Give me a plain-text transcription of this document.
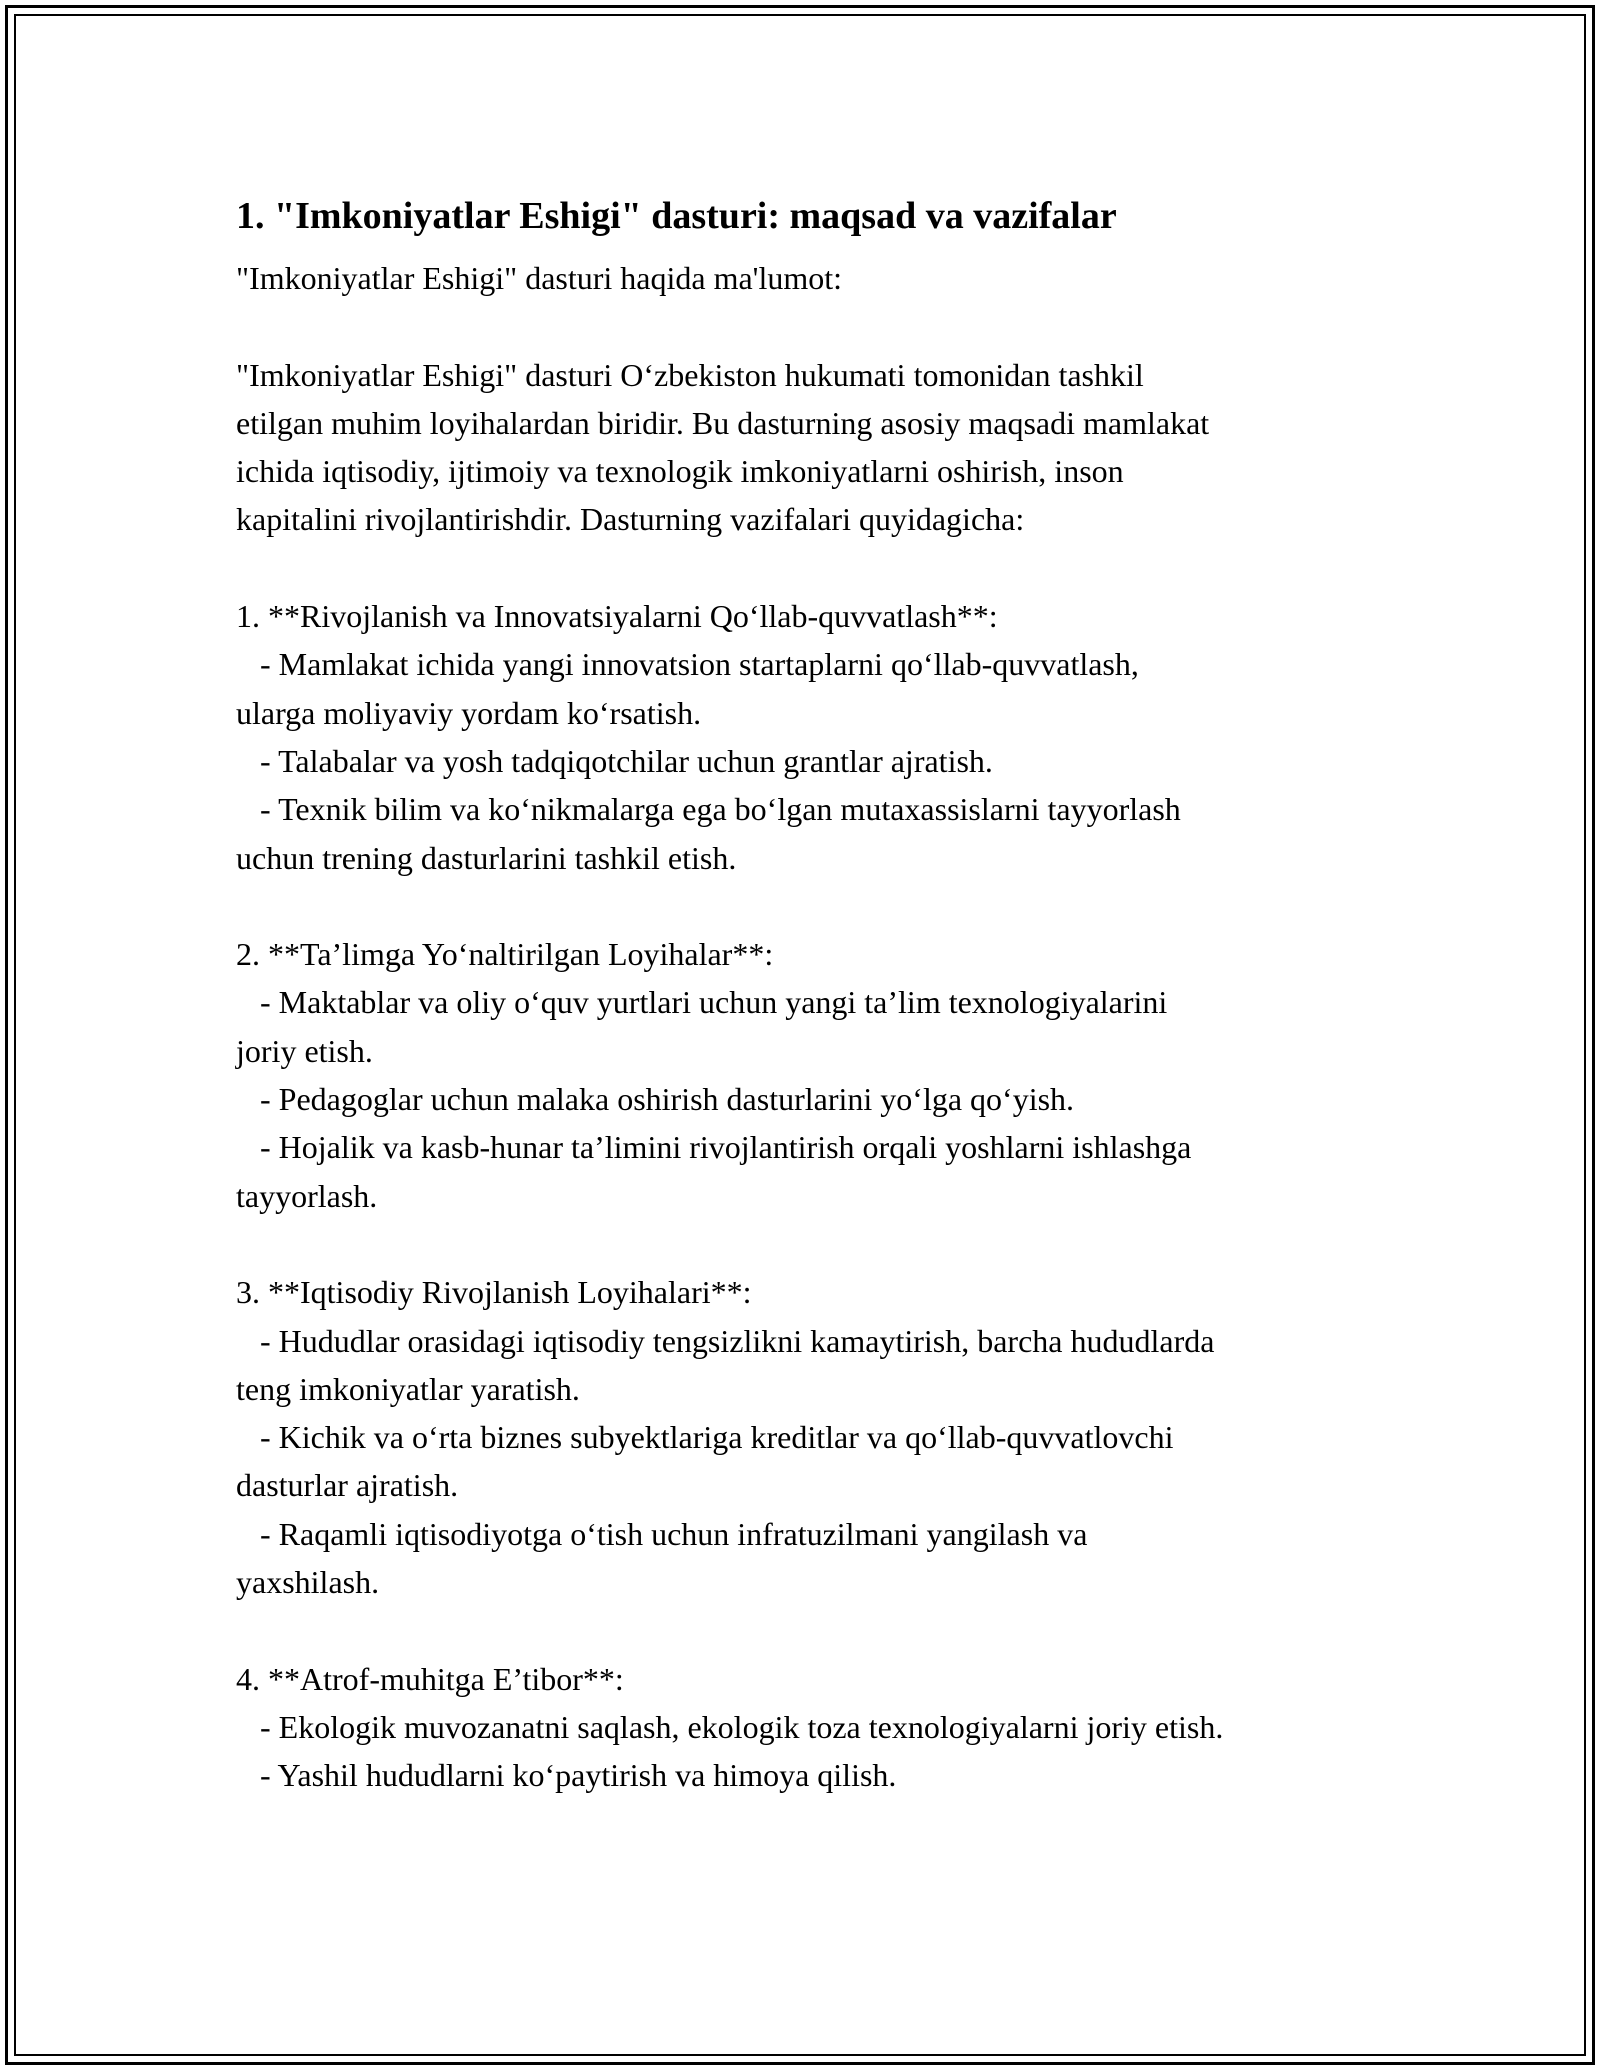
1. "Imkoniyatlar Eshigi" dasturi: maqsad va vazifalar
"Imkoniyatlar Eshigi" dasturi haqida ma'lumot:

"Imkoniyatlar Eshigi" dasturi O‘zbekiston hukumati tomonidan tashkil
etilgan muhim loyihalardan biridir. Bu dasturning asosiy maqsadi mamlakat
ichida iqtisodiy, ijtimoiy va texnologik imkoniyatlarni oshirish, inson
kapitalini rivojlantirishdir. Dasturning vazifalari quyidagicha:

1. **Rivojlanish va Innovatsiyalarni Qo‘llab-quvvatlash**:
- Mamlakat ichida yangi innovatsion startaplarni qo‘llab-quvvatlash,
ularga moliyaviy yordam ko‘rsatish.
- Talabalar va yosh tadqiqotchilar uchun grantlar ajratish.
- Texnik bilim va ko‘nikmalarga ega bo‘lgan mutaxassislarni tayyorlash
uchun trening dasturlarini tashkil etish.

2. **Ta’limga Yo‘naltirilgan Loyihalar**:
- Maktablar va oliy o‘quv yurtlari uchun yangi ta’lim texnologiyalarini
joriy etish.
- Pedagoglar uchun malaka oshirish dasturlarini yo‘lga qo‘yish.
- Hojalik va kasb-hunar ta’limini rivojlantirish orqali yoshlarni ishlashga
tayyorlash.

3. **Iqtisodiy Rivojlanish Loyihalari**:
- Hududlar orasidagi iqtisodiy tengsizlikni kamaytirish, barcha hududlarda
teng imkoniyatlar yaratish.
- Kichik va o‘rta biznes subyektlariga kreditlar va qo‘llab-quvvatlovchi
dasturlar ajratish.
- Raqamli iqtisodiyotga o‘tish uchun infratuzilmani yangilash va
yaxshilash.

4. **Atrof-muhitga E’tibor**:
- Ekologik muvozanatni saqlash, ekologik toza texnologiyalarni joriy etish.
- Yashil hududlarni ko‘paytirish va himoya qilish.
